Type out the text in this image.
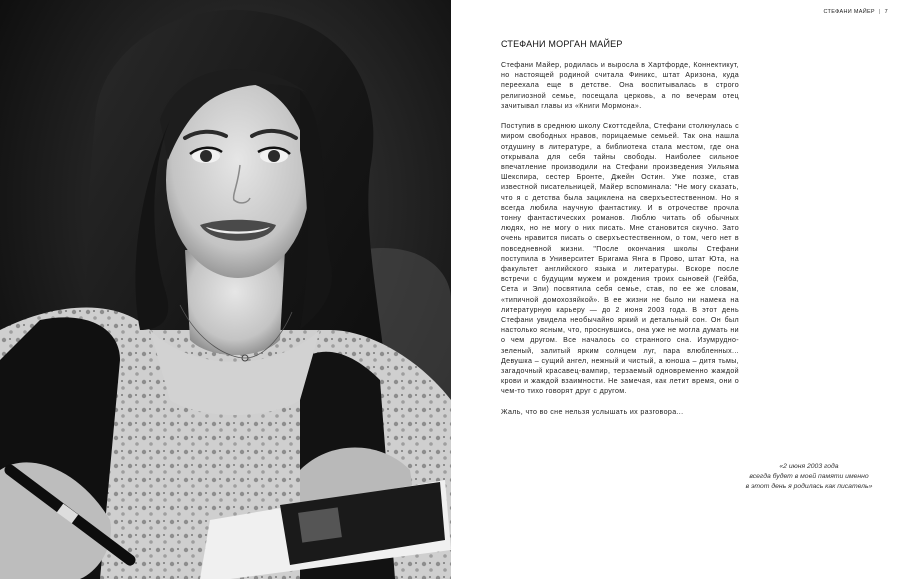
СТЕФАНИ МАЙЕР | 7
СТЕФАНИ МОРГАН МАЙЕР

Стефани Майер, родилась и выросла в Хартфорде, Коннектикут, но настоящей родиной считала Финикс, штат Аризона, куда переехала еще в детстве. Она воспитывалась в строго религиозной семье, посещала церковь, а по вечерам отец зачитывал главы из «Книги Мормона».

Поступив в среднюю школу Скоттсдейла, Стефани столкнулась с миром свободных нравов, порицаемые семьей. Так она нашла отдушину в литературе, а библиотека стала местом, где она открывала для себя тайны свободы. Наиболее сильное впечатление производили на Стефани произведения Уильяма Шекспира, сестер Бронте, Джейн Остин. Уже позже, став известной писательницей, Майер вспоминала: "Не могу сказать, что я с детства была зациклена на сверхъестественном. Но я всегда любила научную фантастику. И в отрочестве прочла тонну фантастических романов. Люблю читать об обычных людях, но не могу о них писать. Мне становится скучно. Зато очень нравится писать о сверхъестественном, о том, чего нет в повседневной жизни. "После окончания школы Стефани поступила в Университет Бригама Янга в Прово, штат Юта, на факультет английского языка и литературы. Вскоре после встречи с будущим мужем и рождения троих сыновей (Гейба, Сета и Эли) посвятила себя семье, став, по ее же словам, «типичной домохозяйкой». В ее жизни не было ни намека на литературную карьеру — до 2 июня 2003 года. В этот день Стефани увидела необычайно яркий и детальный сон. Он был настолько ясным, что, проснувшись, она уже не могла думать ни о чем другом. Все началось со странного сна. Изумрудно-зеленый, залитый ярким солнцем луг, пара влюбленных... Девушка – сущий ангел, нежный и чистый, а юноша – дитя тьмы, загадочный красавец-вампир, терзаемый одновременно жаждой крови и жаждой взаимности. Не замечая, как летит время, они о чем-то тихо говорят друг с другом.

Жаль, что во сне нельзя услышать их разговора...

«2 июня 2003 года
всегда будет в моей памяти именно
в этот день я родилась как писатель»
